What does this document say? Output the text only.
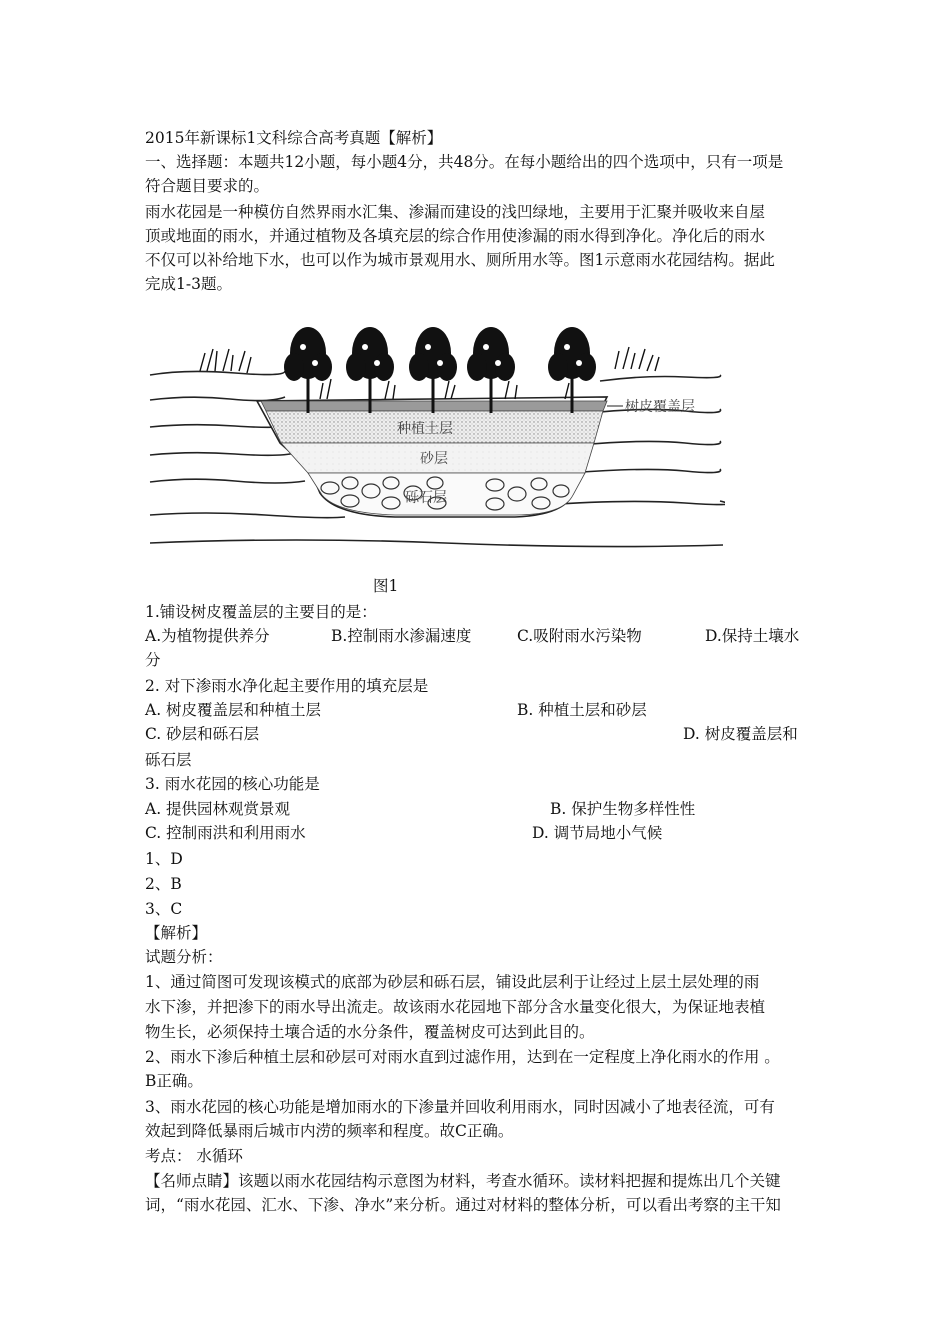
2015年新课标1文科综合高考真题【解析】
一、选择题：本题共12小题，每小题4分，共48分。在每小题给出的四个选项中，只有一项是
符合题目要求的。
雨水花园是一种模仿自然界雨水汇集、渗漏而建设的浅凹绿地，主要用于汇聚并吸收来自屋
顶或地面的雨水，并通过植物及各填充层的综合作用使渗漏的雨水得到净化。净化后的雨水
不仅可以补给地下水，也可以作为城市景观用水、厕所用水等。图1示意雨水花园结构。据此
完成1-3题。
树皮覆盖层
种植土层
砂层
砾石层
图1
1.铺设树皮覆盖层的主要目的是：
A.为植物提供养分	B.控制雨水渗漏速度	C.吸附雨水污染物	D.保持土壤水
分
2. 对下渗雨水净化起主要作用的填充层是
A. 树皮覆盖层和种植土层	B. 种植土层和砂层
C. 砂层和砾石层	D. 树皮覆盖层和
砾石层
3. 雨水花园的核心功能是
A. 提供园林观赏景观	B. 保护生物多样性性
C. 控制雨洪和利用雨水	D. 调节局地小气候
1、D
2、B
3、C
【解析】
试题分析：
1、通过简图可发现该模式的底部为砂层和砾石层，铺设此层利于让经过上层土层处理的雨
水下渗，并把渗下的雨水导出流走。故该雨水花园地下部分含水量变化很大，为保证地表植
物生长，必须保持土壤合适的水分条件，覆盖树皮可达到此目的。
2、雨水下渗后种植土层和砂层可对雨水直到过滤作用，达到在一定程度上净化雨水的作用 。
B正确。
3、雨水花园的核心功能是增加雨水的下渗量并回收利用雨水，同时因减小了地表径流，可有
效起到降低暴雨后城市内涝的频率和程度。故C正确。
考点： 水循环
【名师点睛】该题以雨水花园结构示意图为材料，考查水循环。读材料把握和提炼出几个关键
词，“雨水花园、汇水、下渗、净水”来分析。通过对材料的整体分析，可以看出考察的主干知
